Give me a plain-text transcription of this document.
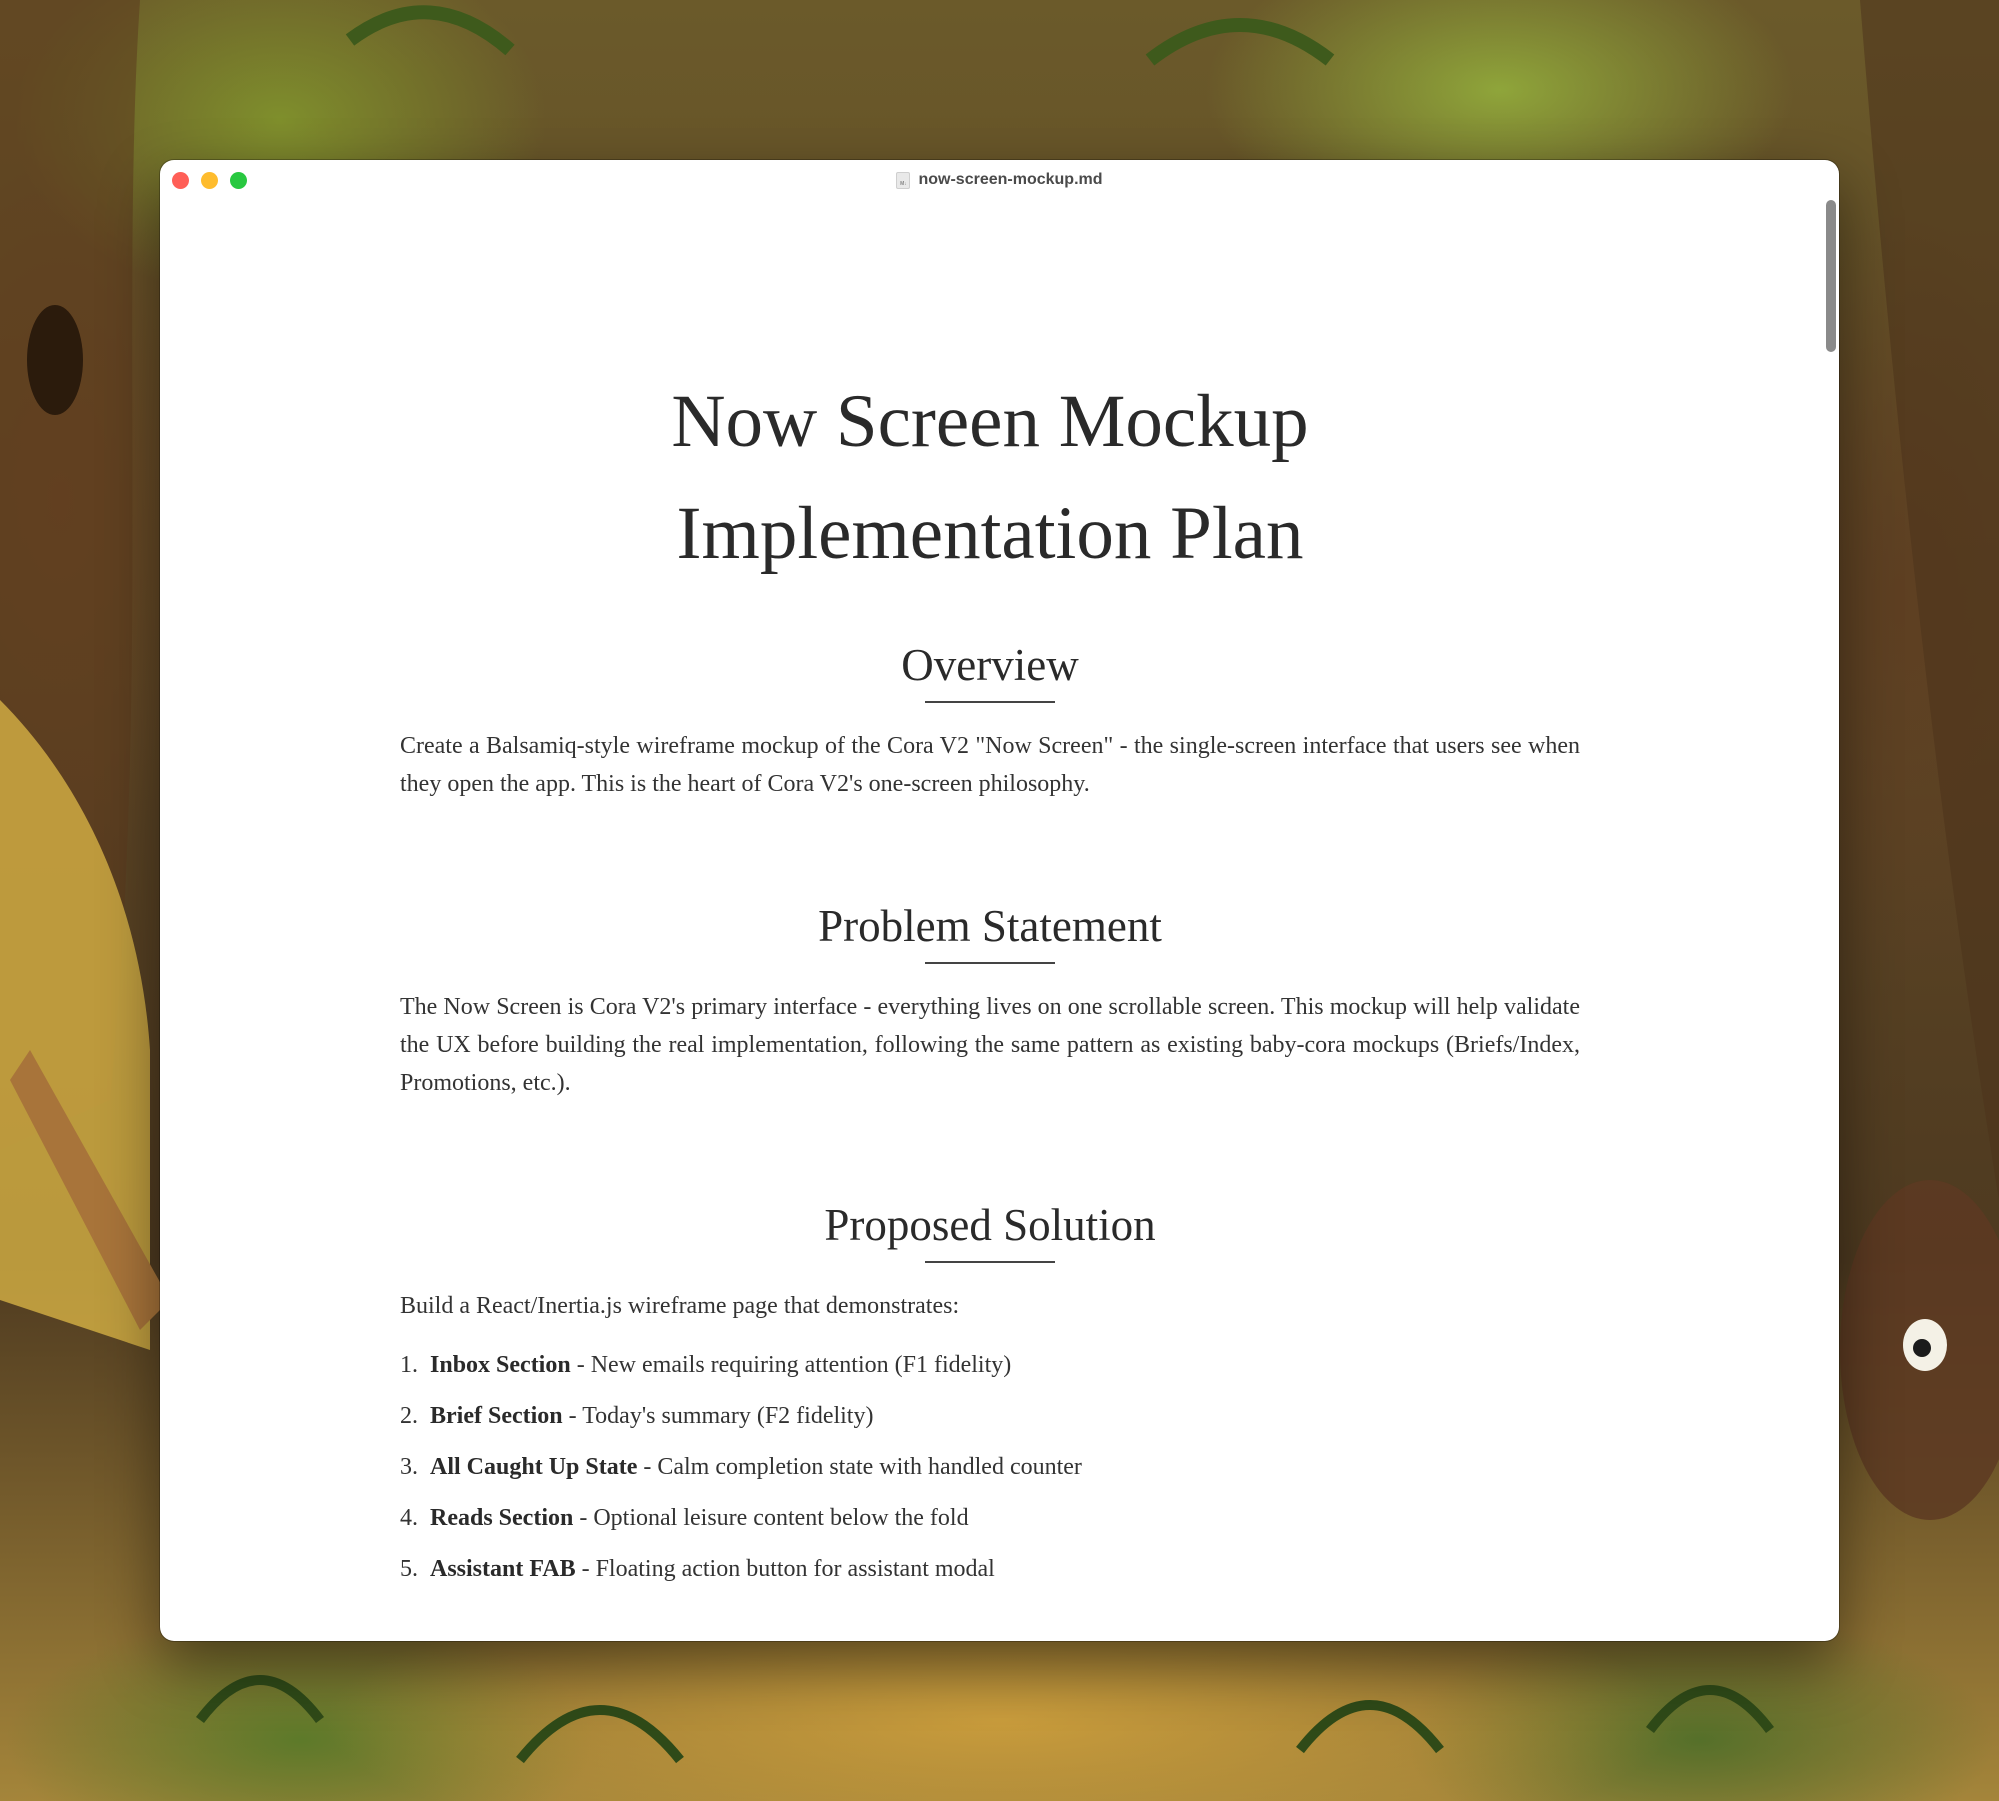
M↓ now-screen-mockup.md
Now Screen Mockup
Implementation Plan
Overview

Create a Balsamiq-style wireframe mockup of the Cora V2 "Now Screen" - the single-screen interface that users see when they open the app. This is the heart of Cora V2's one-screen philosophy.

Problem Statement

The Now Screen is Cora V2's primary interface - everything lives on one scrollable screen. This mockup will help validate the UX before building the real implementation, following the same pattern as existing baby-cora mockups (Briefs/Index, Promotions, etc.).

Proposed Solution

Build a React/Inertia.js wireframe page that demonstrates:

1. Inbox Section - New emails requiring attention (F1 fidelity)
2. Brief Section - Today's summary (F2 fidelity)
3. All Caught Up State - Calm completion state with handled counter
4. Reads Section - Optional leisure content below the fold
5. Assistant FAB - Floating action button for assistant modal
